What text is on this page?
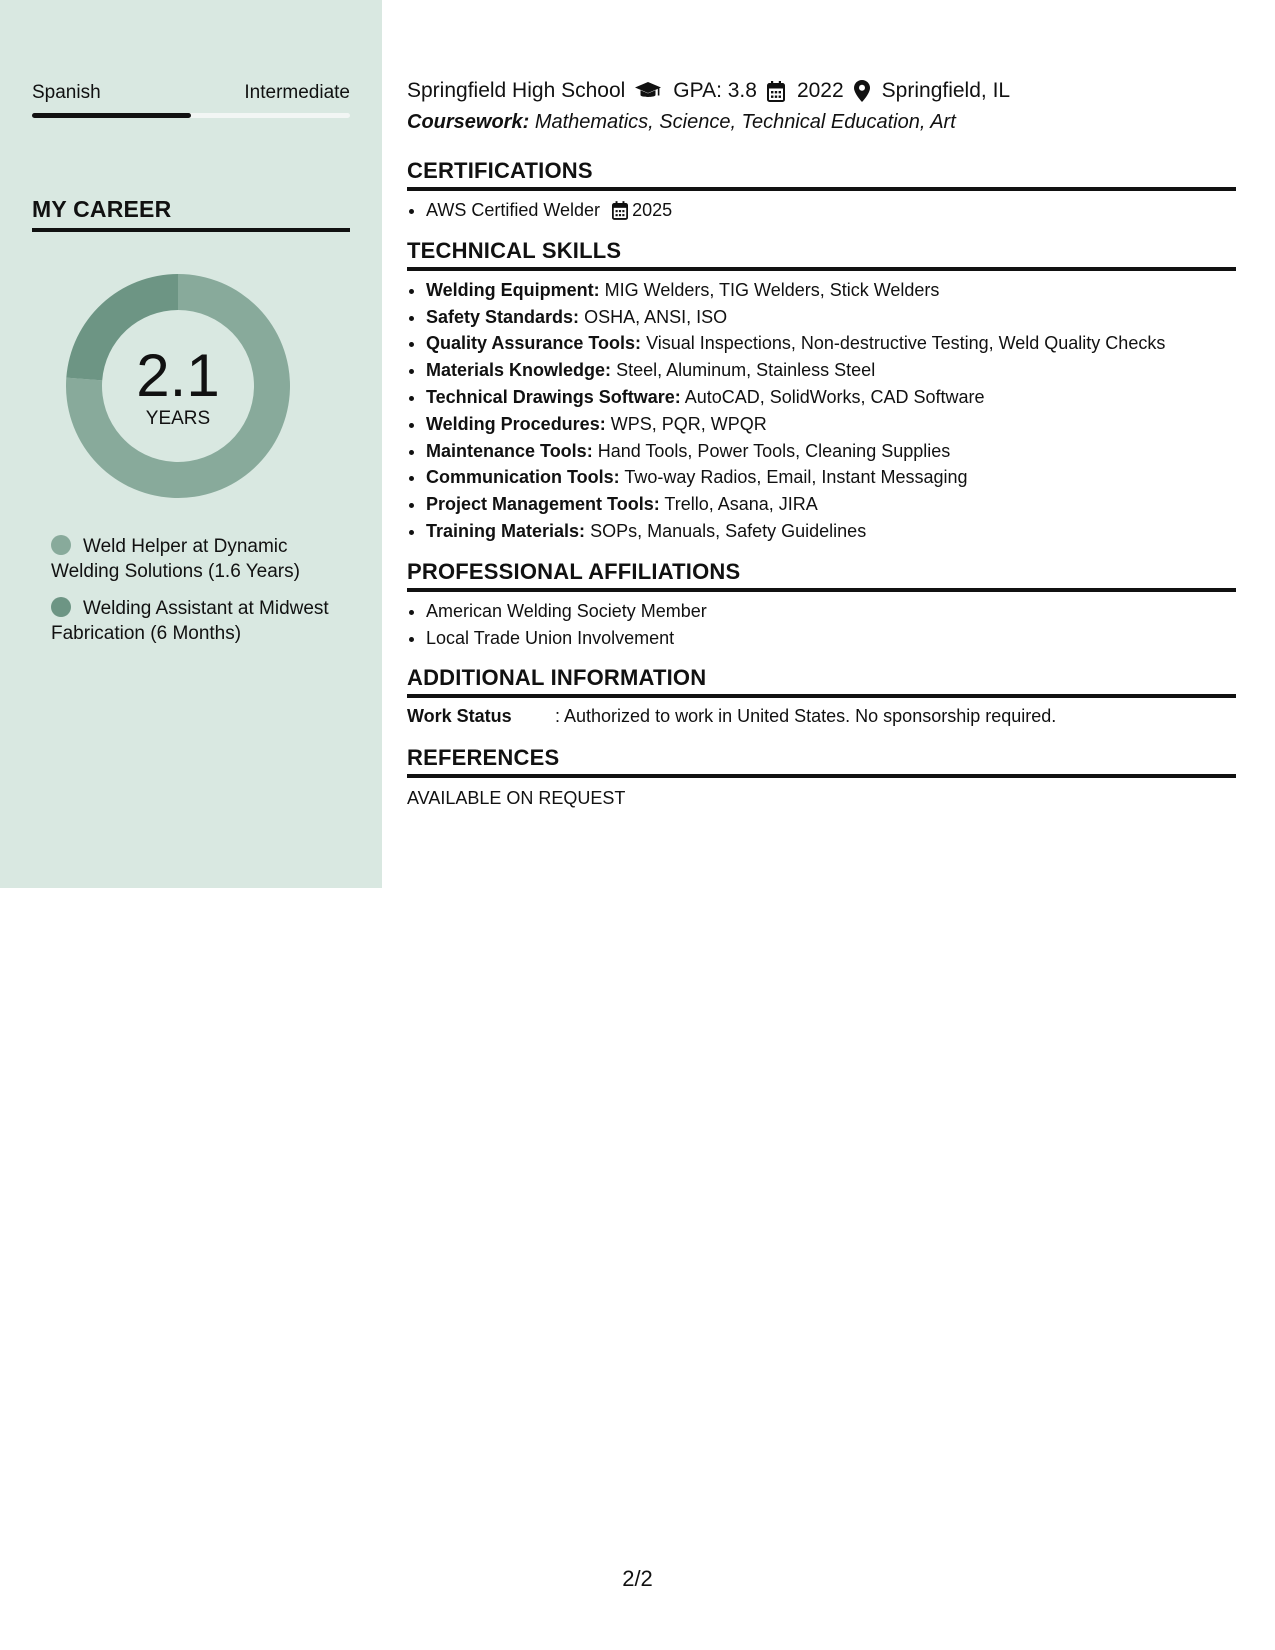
Spanish	Intermediate
MY CAREER
2.1
YEARS
Weld Helper at Dynamic Welding Solutions (1.6 Years)
Welding Assistant at Midwest Fabrication (6 Months)
Springfield High School GPA: 3.8 2022 Springfield, IL
Coursework: Mathematics, Science, Technical Education, Art
CERTIFICATIONS
• AWS Certified Welder 2025
TECHNICAL SKILLS
• Welding Equipment: MIG Welders, TIG Welders, Stick Welders
• Safety Standards: OSHA, ANSI, ISO
• Quality Assurance Tools: Visual Inspections, Non-destructive Testing, Weld Quality Checks
• Materials Knowledge: Steel, Aluminum, Stainless Steel
• Technical Drawings Software: AutoCAD, SolidWorks, CAD Software
• Welding Procedures: WPS, PQR, WPQR
• Maintenance Tools: Hand Tools, Power Tools, Cleaning Supplies
• Communication Tools: Two-way Radios, Email, Instant Messaging
• Project Management Tools: Trello, Asana, JIRA
• Training Materials: SOPs, Manuals, Safety Guidelines
PROFESSIONAL AFFILIATIONS
• American Welding Society Member
• Local Trade Union Involvement
ADDITIONAL INFORMATION
Work Status	: Authorized to work in United States. No sponsorship required.
REFERENCES
AVAILABLE ON REQUEST
2/2
